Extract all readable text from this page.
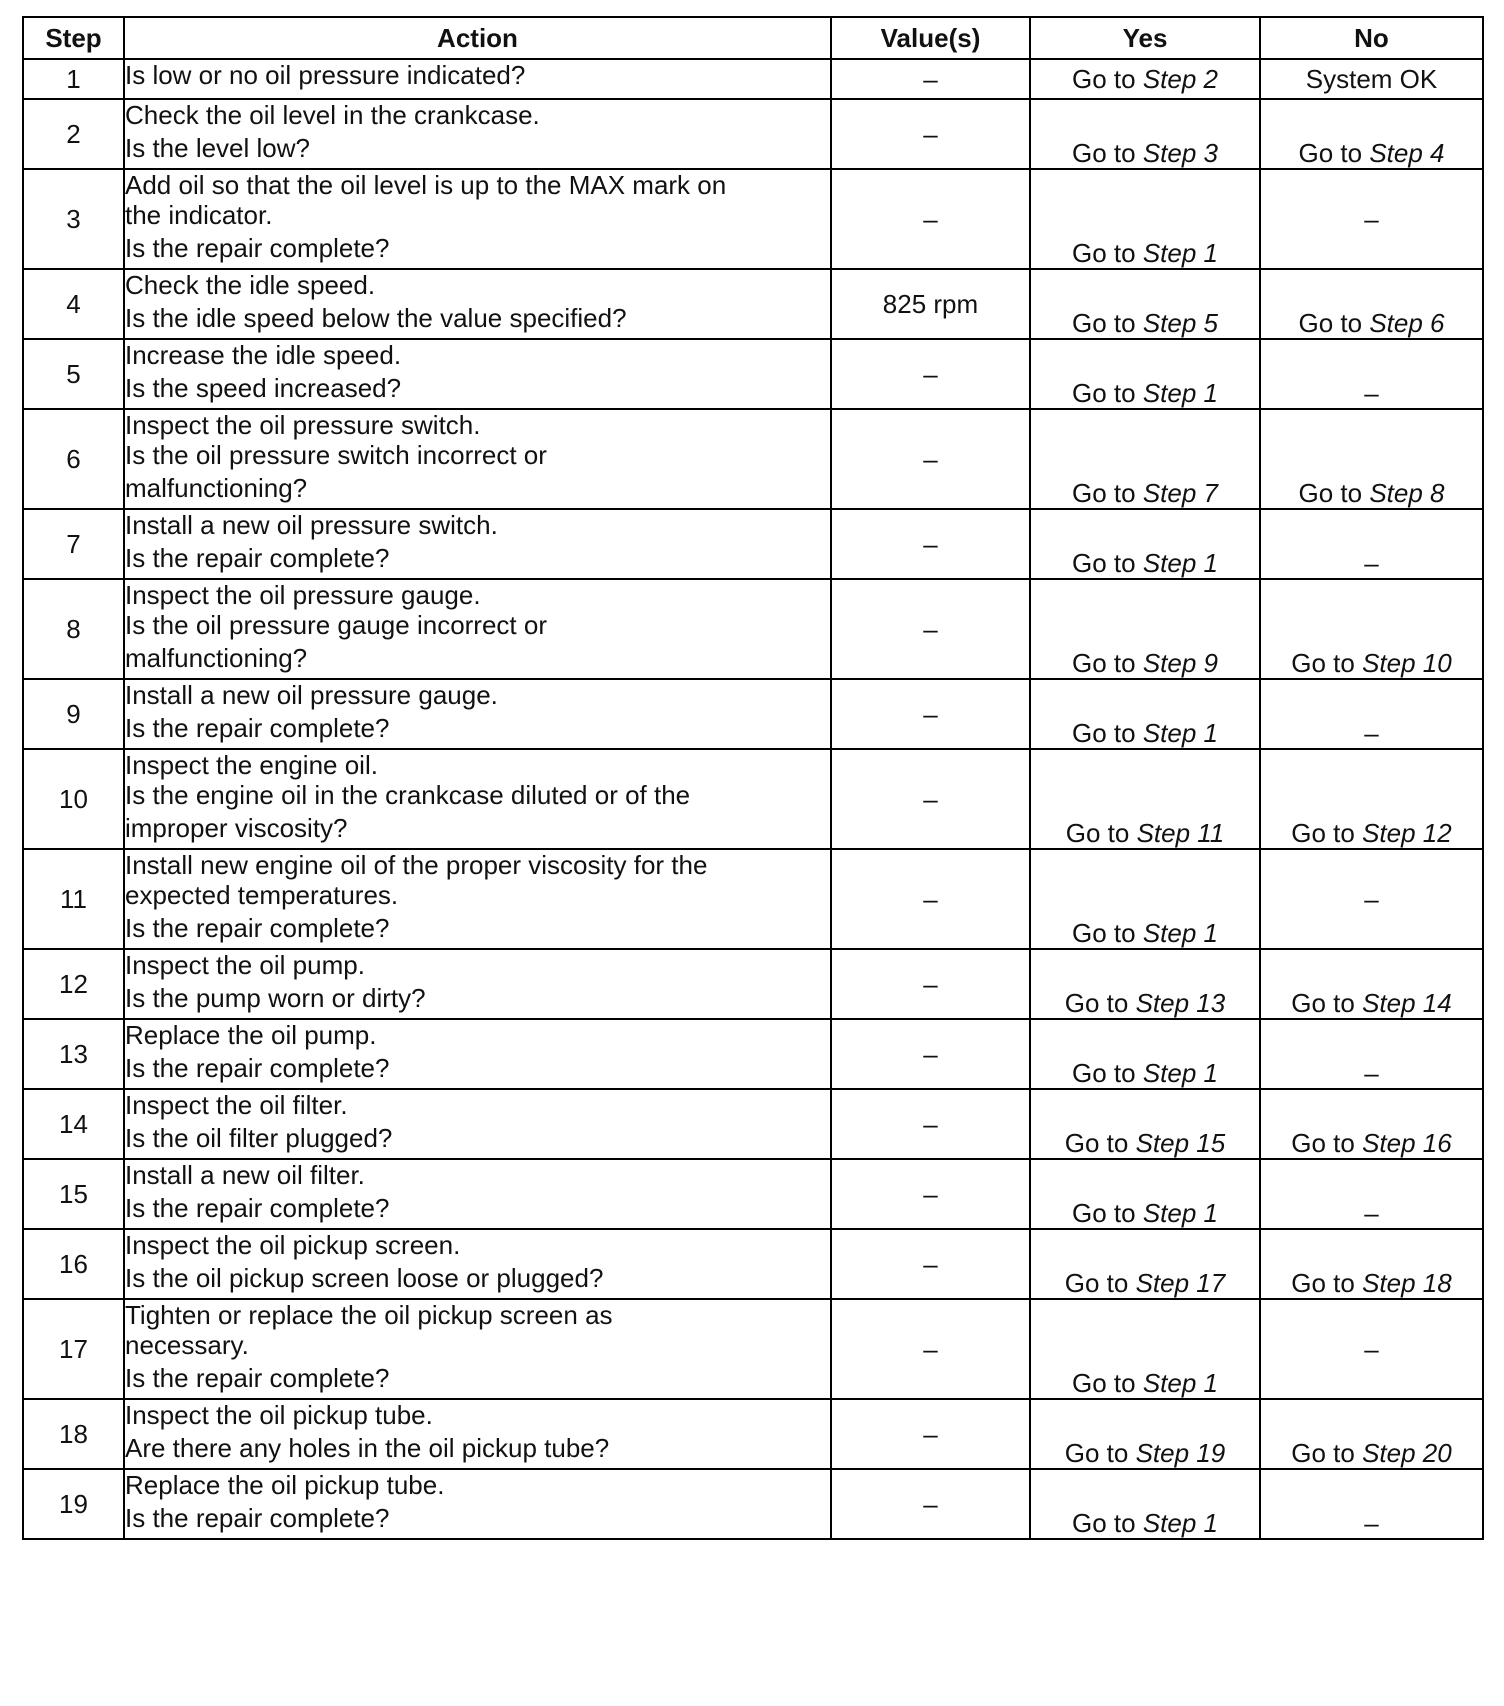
Step	Action	Value(s)	Yes	No
1	Is low or no oil pressure indicated?	–	Go to Step 2	System OK
2	Check the oil level in the crankcase.
Is the level low?	–	Go to Step 3	Go to Step 4
3	Add oil so that the oil level is up to the MAX mark on
the indicator.
Is the repair complete?	–	Go to Step 1	–
4	Check the idle speed.
Is the idle speed below the value specified?	825 rpm	Go to Step 5	Go to Step 6
5	Increase the idle speed.
Is the speed increased?	–	Go to Step 1	–
6	Inspect the oil pressure switch.
Is the oil pressure switch incorrect or
malfunctioning?	–	Go to Step 7	Go to Step 8
7	Install a new oil pressure switch.
Is the repair complete?	–	Go to Step 1	–
8	Inspect the oil pressure gauge.
Is the oil pressure gauge incorrect or
malfunctioning?	–	Go to Step 9	Go to Step 10
9	Install a new oil pressure gauge.
Is the repair complete?	–	Go to Step 1	–
10	Inspect the engine oil.
Is the engine oil in the crankcase diluted or of the
improper viscosity?	–	Go to Step 11	Go to Step 12
11	Install new engine oil of the proper viscosity for the
expected temperatures.
Is the repair complete?	–	Go to Step 1	–
12	Inspect the oil pump.
Is the pump worn or dirty?	–	Go to Step 13	Go to Step 14
13	Replace the oil pump.
Is the repair complete?	–	Go to Step 1	–
14	Inspect the oil filter.
Is the oil filter plugged?	–	Go to Step 15	Go to Step 16
15	Install a new oil filter.
Is the repair complete?	–	Go to Step 1	–
16	Inspect the oil pickup screen.
Is the oil pickup screen loose or plugged?	–	Go to Step 17	Go to Step 18
17	Tighten or replace the oil pickup screen as
necessary.
Is the repair complete?	–	Go to Step 1	–
18	Inspect the oil pickup tube.
Are there any holes in the oil pickup tube?	–	Go to Step 19	Go to Step 20
19	Replace the oil pickup tube.
Is the repair complete?	–	Go to Step 1	–
